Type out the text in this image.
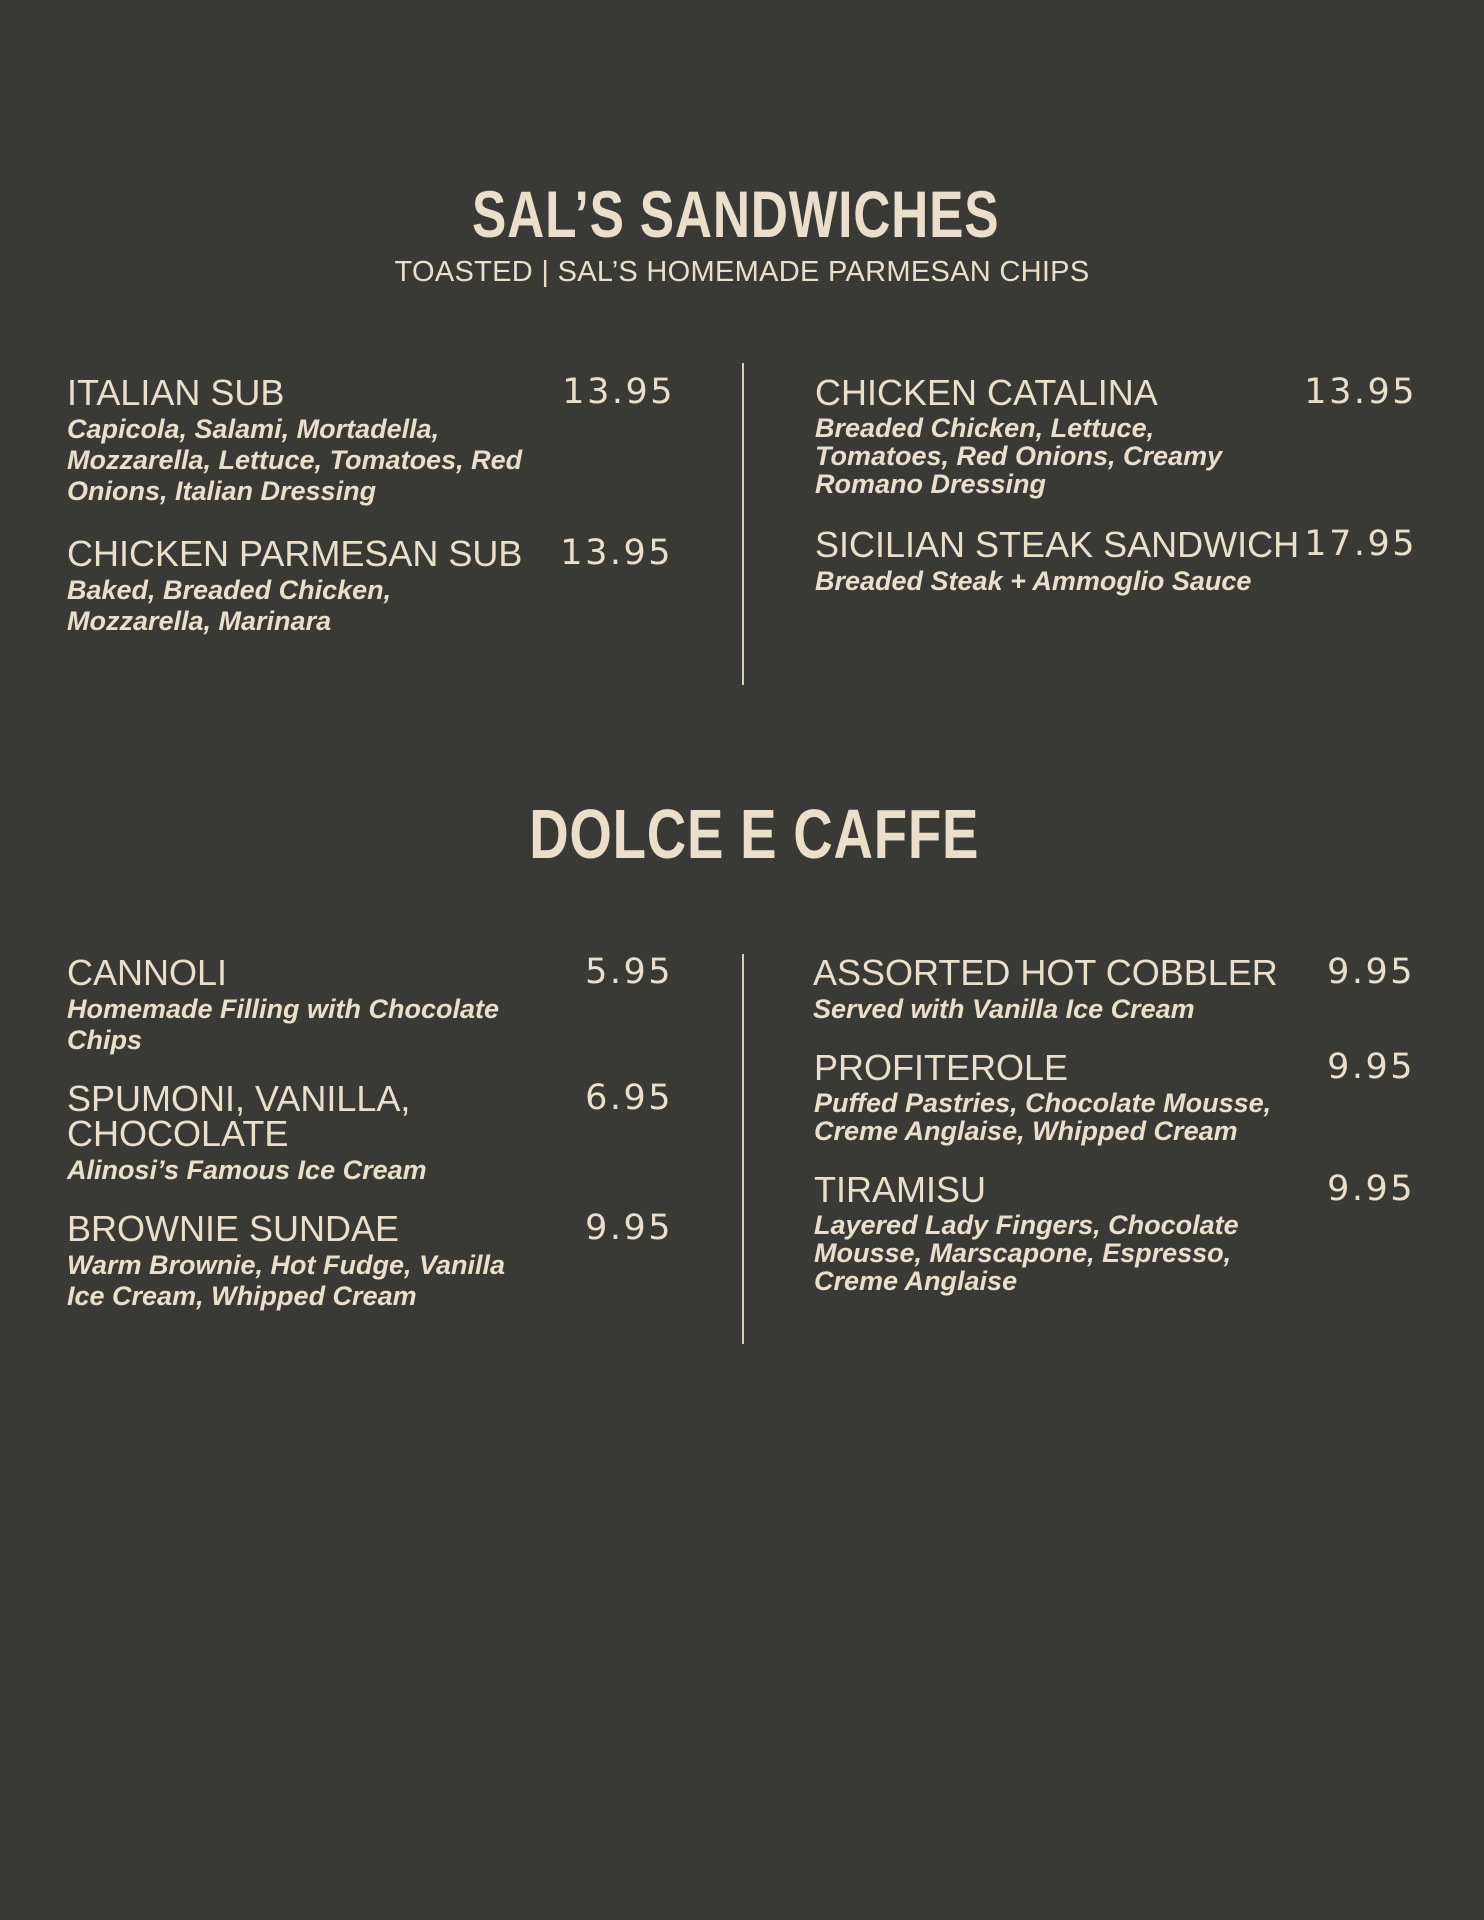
SAL’S SANDWICHES
TOASTED | SAL’S HOMEMADE PARMESAN CHIPS
ITALIAN SUB	13.95
Capicola, Salami, Mortadella, Mozzarella, Lettuce, Tomatoes, Red Onions, Italian Dressing
CHICKEN PARMESAN SUB	13.95
Baked, Breaded Chicken, Mozzarella, Marinara
CHICKEN CATALINA	13.95
Breaded Chicken, Lettuce, Tomatoes, Red Onions, Creamy Romano Dressing
SICILIAN STEAK SANDWICH 17.95
Breaded Steak + Ammoglio Sauce
DOLCE E CAFFE
CANNOLI	5.95
Homemade Filling with Chocolate Chips
SPUMONI, VANILLA, CHOCOLATE
6.95
Alinosi’s Famous Ice Cream
BROWNIE SUNDAE	9.95
Warm Brownie, Hot Fudge, Vanilla Ice Cream, Whipped Cream
ASSORTED HOT COBBLER	9.95
Served with Vanilla Ice Cream
PROFITEROLE	9.95
Puffed Pastries, Chocolate Mousse, Creme Anglaise, Whipped Cream
TIRAMISU	9.95
Layered Lady Fingers, Chocolate Mousse, Marscapone, Espresso, Creme Anglaise
